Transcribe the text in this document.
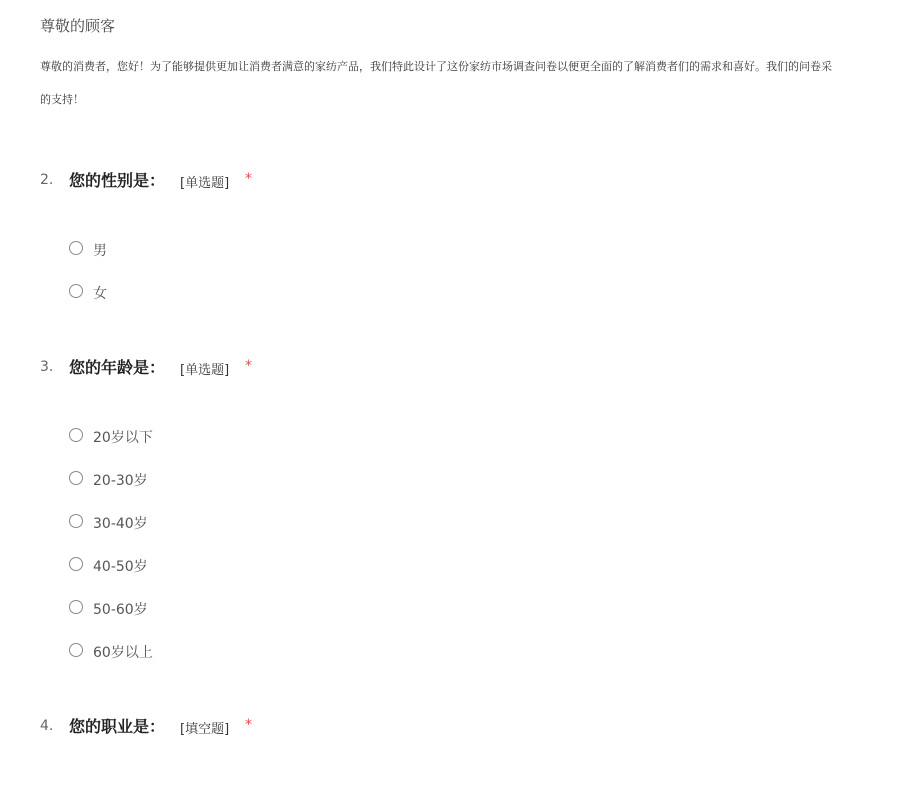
尊敬的顾客
尊敬的消费者，您好！为了能够提供更加让消费者满意的家纺产品，我们特此设计了这份家纺市场调查问卷以便更全面的了解消费者们的需求和喜好。我们的问卷采
的支持！
2. 您的性别是： [单选题] *
男
女
3. 您的年龄是： [单选题] *
20岁以下
20-30岁
30-40岁
40-50岁
50-60岁
60岁以上
4. 您的职业是： [填空题] *
